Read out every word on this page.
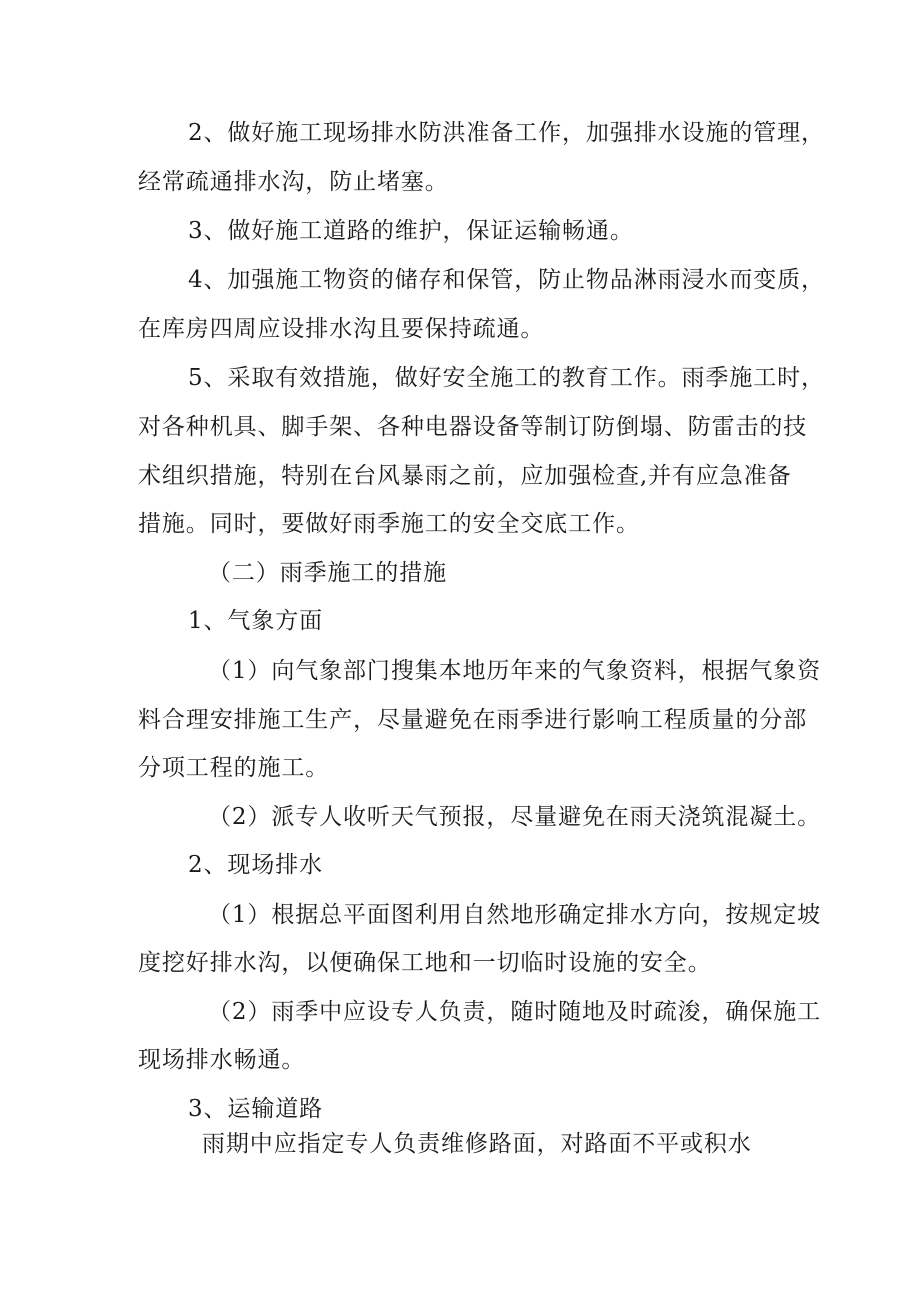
2、做好施工现场排水防洪准备工作，加强排水设施的管理，
经常疏通排水沟，防止堵塞。
3、做好施工道路的维护，保证运输畅通。
4、加强施工物资的储存和保管，防止物品淋雨浸水而变质，
在库房四周应设排水沟且要保持疏通。
5、采取有效措施，做好安全施工的教育工作。雨季施工时，
对各种机具、脚手架、各种电器设备等制订防倒塌、防雷击的技
术组织措施，特别在台风暴雨之前，应加强检查,并有应急准备
措施。同时，要做好雨季施工的安全交底工作。
（二）雨季施工的措施
1、气象方面
（1）向气象部门搜集本地历年来的气象资料，根据气象资
料合理安排施工生产，尽量避免在雨季进行影响工程质量的分部
分项工程的施工。
（2）派专人收听天气预报，尽量避免在雨天浇筑混凝土。
2、现场排水
（1）根据总平面图利用自然地形确定排水方向，按规定坡
度挖好排水沟，以便确保工地和一切临时设施的安全。
（2）雨季中应设专人负责，随时随地及时疏浚，确保施工
现场排水畅通。
3、运输道路
雨期中应指定专人负责维修路面，对路面不平或积水
